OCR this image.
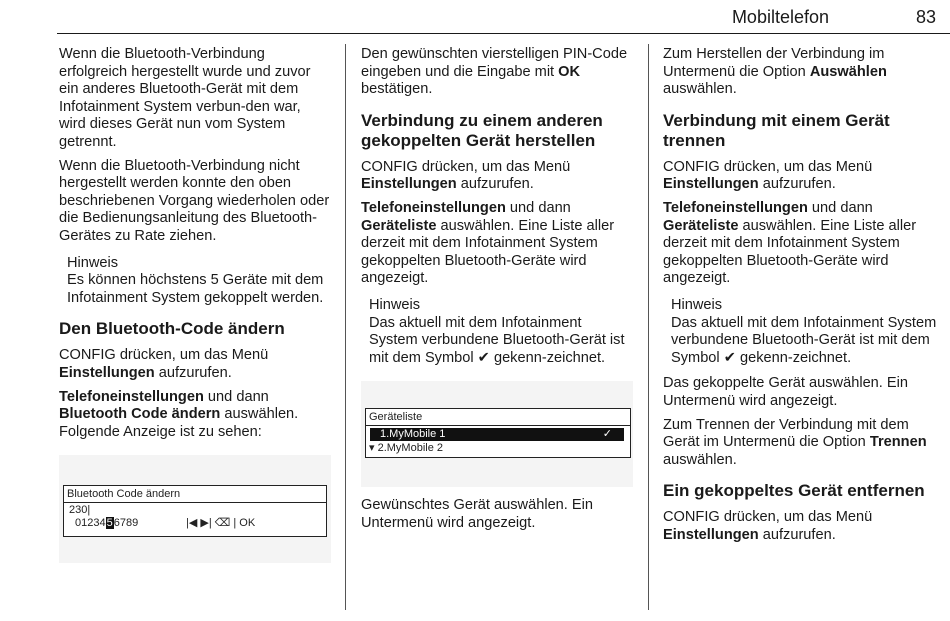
Mobiltelefon	83

Wenn die Bluetooth-Verbindung erfolgreich hergestellt wurde und zuvor ein anderes Bluetooth-Gerät mit dem Infotainment System verbun-den war, wird dieses Gerät nun vom System getrennt.

Wenn die Bluetooth-Verbindung nicht hergestellt werden konnte den oben beschriebenen Vorgang wiederholen oder die Bedienungsanleitung des Bluetooth-Gerätes zu Rate ziehen.

Hinweis
Es können höchstens 5 Geräte mit dem Infotainment System gekoppelt werden.
Den Bluetooth-Code ändern

CONFIG drücken, um das Menü Einstellungen aufzurufen.

Telefoneinstellungen und dann Bluetooth Code ändern auswählen. Folgende Anzeige ist zu sehen:

Bluetooth Code ändern
230|
0123456789	|◀ ▶| ⌫ | OK

Den gewünschten vierstelligen PIN-Code eingeben und die Eingabe mit OK bestätigen.

Verbindung zu einem anderen gekoppelten Gerät herstellen

CONFIG drücken, um das Menü Einstellungen aufzurufen.

Telefoneinstellungen und dann Geräteliste auswählen. Eine Liste aller derzeit mit dem Infotainment System gekoppelten Bluetooth-Geräte wird angezeigt.

Hinweis
Das aktuell mit dem Infotainment System verbundene Bluetooth-Gerät ist mit dem Symbol ✔ gekenn-zeichnet.
Geräteliste
1.MyMobile 1	✓
▾ 2.MyMobile 2

Gewünschtes Gerät auswählen. Ein Untermenü wird angezeigt.

Zum Herstellen der Verbindung im Untermenü die Option Auswählen auswählen.

Verbindung mit einem Gerät trennen

CONFIG drücken, um das Menü Einstellungen aufzurufen.

Telefoneinstellungen und dann Geräteliste auswählen. Eine Liste aller derzeit mit dem Infotainment System gekoppelten Bluetooth-Geräte wird angezeigt.

Hinweis
Das aktuell mit dem Infotainment System verbundene Bluetooth-Gerät ist mit dem Symbol ✔ gekenn-zeichnet.

Das gekoppelte Gerät auswählen. Ein Untermenü wird angezeigt.

Zum Trennen der Verbindung mit dem Gerät im Untermenü die Option Trennen auswählen.

Ein gekoppeltes Gerät entfernen

CONFIG drücken, um das Menü Einstellungen aufzurufen.
